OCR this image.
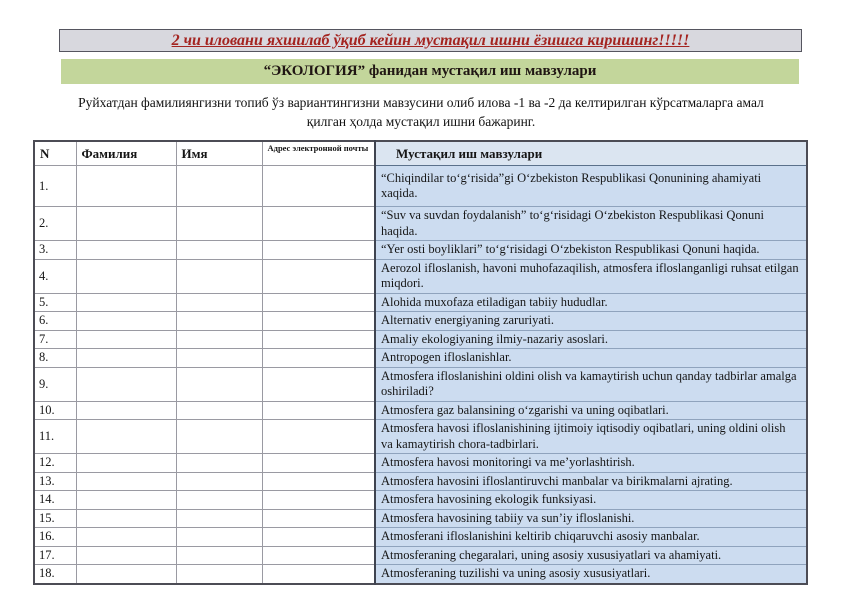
2 чи иловани яхшилаб ўқиб кейин мустақил ишни ёзишга киришинг!!!!!
“ЭКОЛОГИЯ” фанидан мустақил иш мавзулари
Руйхатдан фамилиянгизни топиб ўз вариантингизни мавзусини олиб илова -1 ва -2 да келтирилган кўрсатмаларга амал қилган ҳолда мустақил ишни бажаринг.
N	Фамилия	Имя	Адрес электронной почты	Мустақил иш мавзулари
1.				“Chiqindilar to‘g‘risida”gi O‘zbekiston Respublikasi Qonunining ahamiyati xaqida.
2.				“Suv va suvdan foydalanish” to‘g‘risidagi O‘zbekiston Respublikasi Qonuni haqida.
3.				“Yer osti boyliklari” to‘g‘risidagi O‘zbekiston Respublikasi Qonuni haqida.
4.				Aerozol ifloslanish, havoni muhofazaqilish, atmosfera ifloslanganligi ruhsat etilgan miqdori.
5.				Alohida muxofaza etiladigan tabiiy hududlar.
6.				Alternativ energiyaning zaruriyati.
7.				Amaliy ekologiyaning ilmiy-nazariy asoslari.
8.				Antropogen ifloslanishlar.
9.				Atmosfera ifloslanishini oldini olish va kamaytirish uchun qanday tadbirlar amalga oshiriladi?
10.				Atmosfera gaz balansining o‘zgarishi va uning oqibatlari.
11.				Atmosfera havosi ifloslanishining ijtimoiy iqtisodiy oqibatlari, uning oldini olish va kamaytirish chora-tadbirlari.
12.				Atmosfera havosi monitoringi va me’yorlashtirish.
13.				Atmosfera havosini ifloslantiruvchi manbalar va birikmalarni ajrating.
14.				Atmosfera havosining ekologik funksiyasi.
15.				Atmosfera havosining tabiiy va sun’iy ifloslanishi.
16.				Atmosferani ifloslanishini keltirib chiqaruvchi asosiy manbalar.
17.				Atmosferaning chegaralari, uning asosiy xususiyatlari va ahamiyati.
18.				Atmosferaning tuzilishi va uning asosiy xususiyatlari.
